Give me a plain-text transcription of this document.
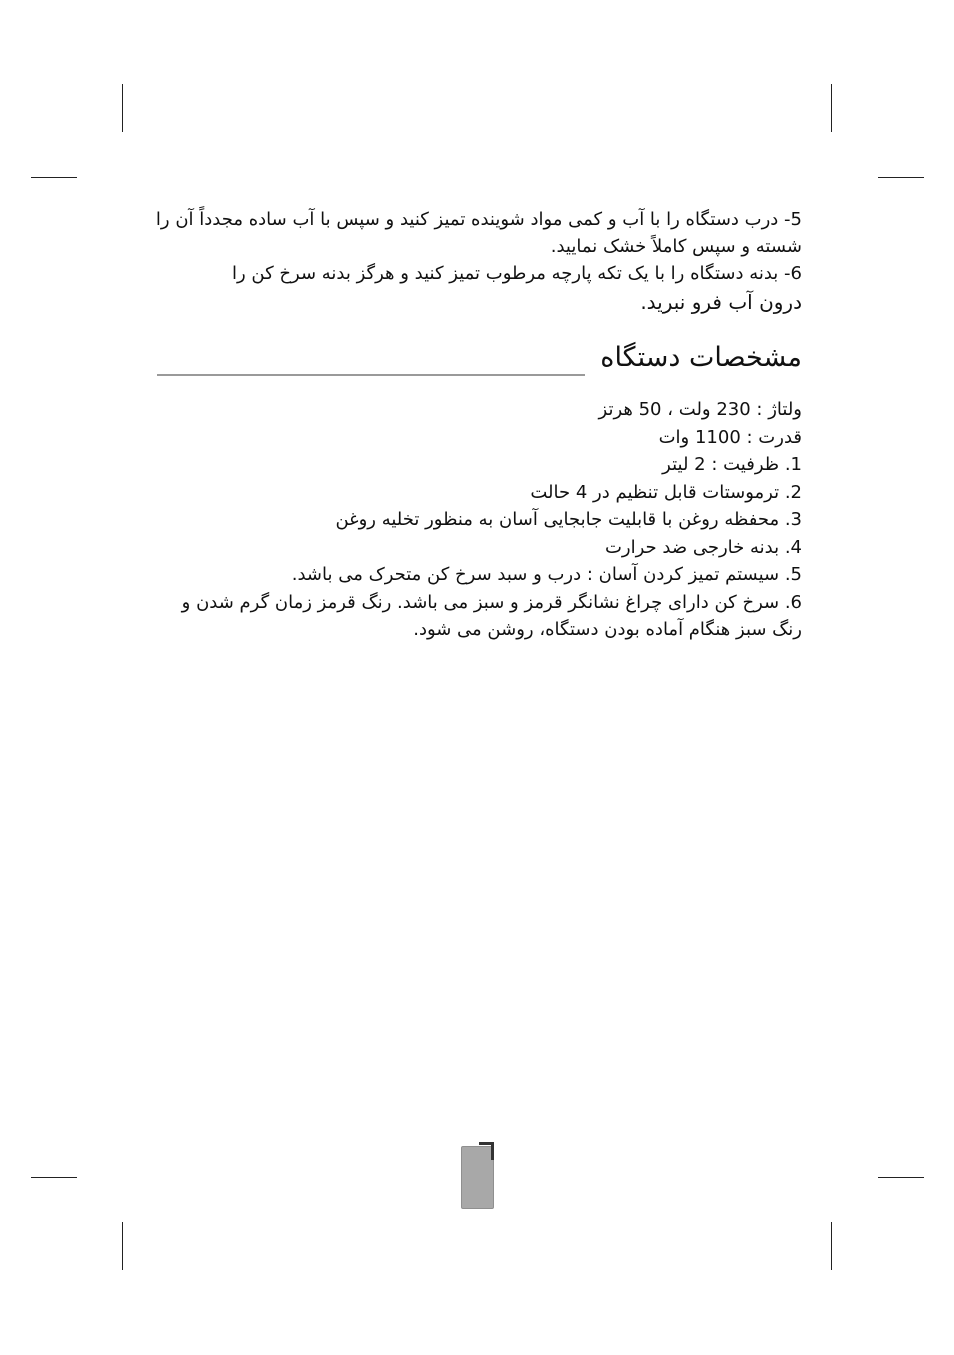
5- درب دستگاه را با آب و کمی مواد شوینده تمیز کنید و سپس با آب ساده مجدداً آن را شسته و سپس کاملاً خشک نمایید.

6- بدنه دستگاه را با یک تکه پارچه مرطوب تمیز کنید و هرگز بدنه سرخ کن را

درون آب فرو نبرید.

مشخصات دستگاه

ولتاژ : 230 ولت ، 50 هرتز

قدرت : 1100 وات

1. ظرفیت : 2 لیتر

2. ترموستات قابل تنظیم در 4 حالت

3. محفظه روغن با قابلیت جابجایی آسان به منظور تخلیه روغن

4. بدنه خارجی ضد حرارت

5. سیستم تمیز کردن آسان : درب و سبد سرخ کن متحرک می باشد.

6. سرخ کن دارای چراغ نشانگر قرمز و سبز می باشد. رنگ قرمز زمان گرم شدن و رنگ سبز هنگام آماده بودن دستگاه، روشن می شود.
